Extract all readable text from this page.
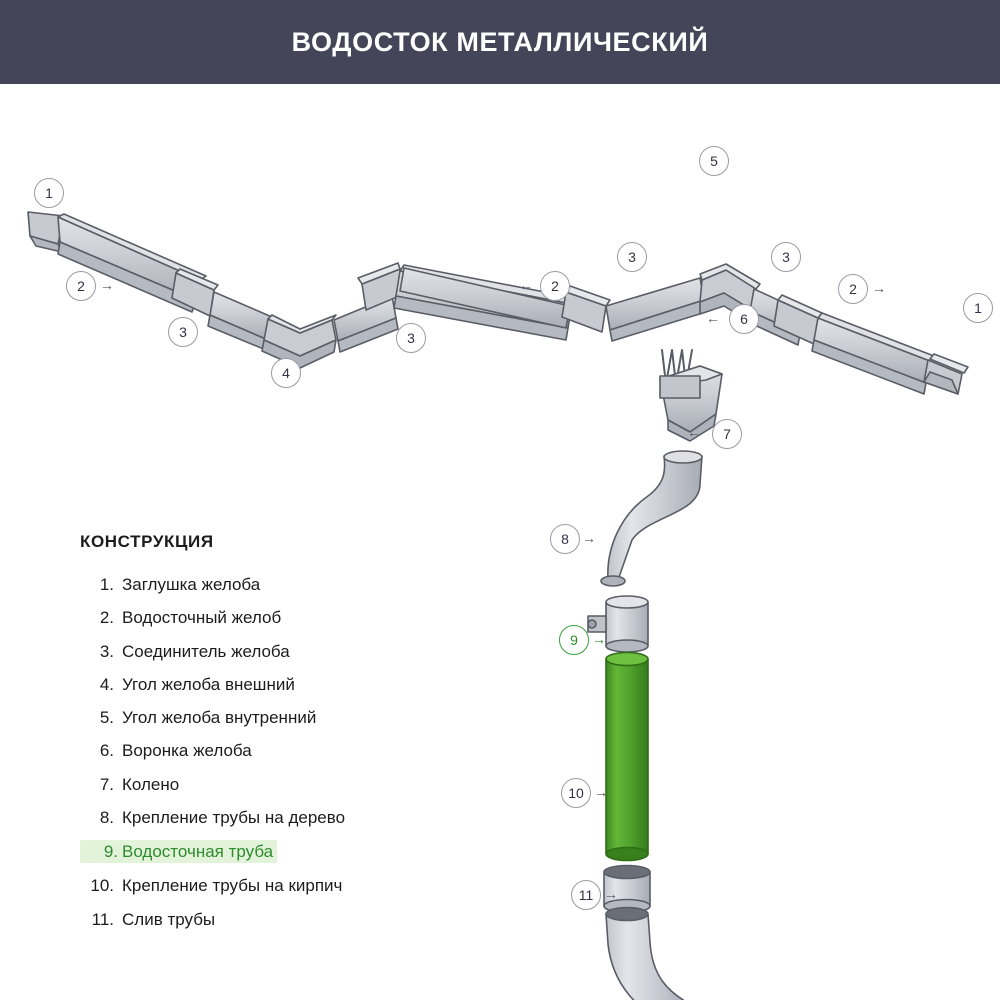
ВОДОСТОК МЕТАЛЛИЧЕСКИЙ
КОНСТРУКЦИЯ
1. Заглушка желоба
2. Водосточный желоб
3. Соединитель желоба
4. Угол желоба внешний
5. Угол желоба внутренний
6. Воронка желоба
7. Колено
8. Крепление трубы на дерево
9. Водосточная труба
10. Крепление трубы на кирпич
11. Слив трубы
1
2	→
3
4
3
←	2
3
5
3
2	→
1
←	6
←	7
8 →
9	→
10 →
11 →
